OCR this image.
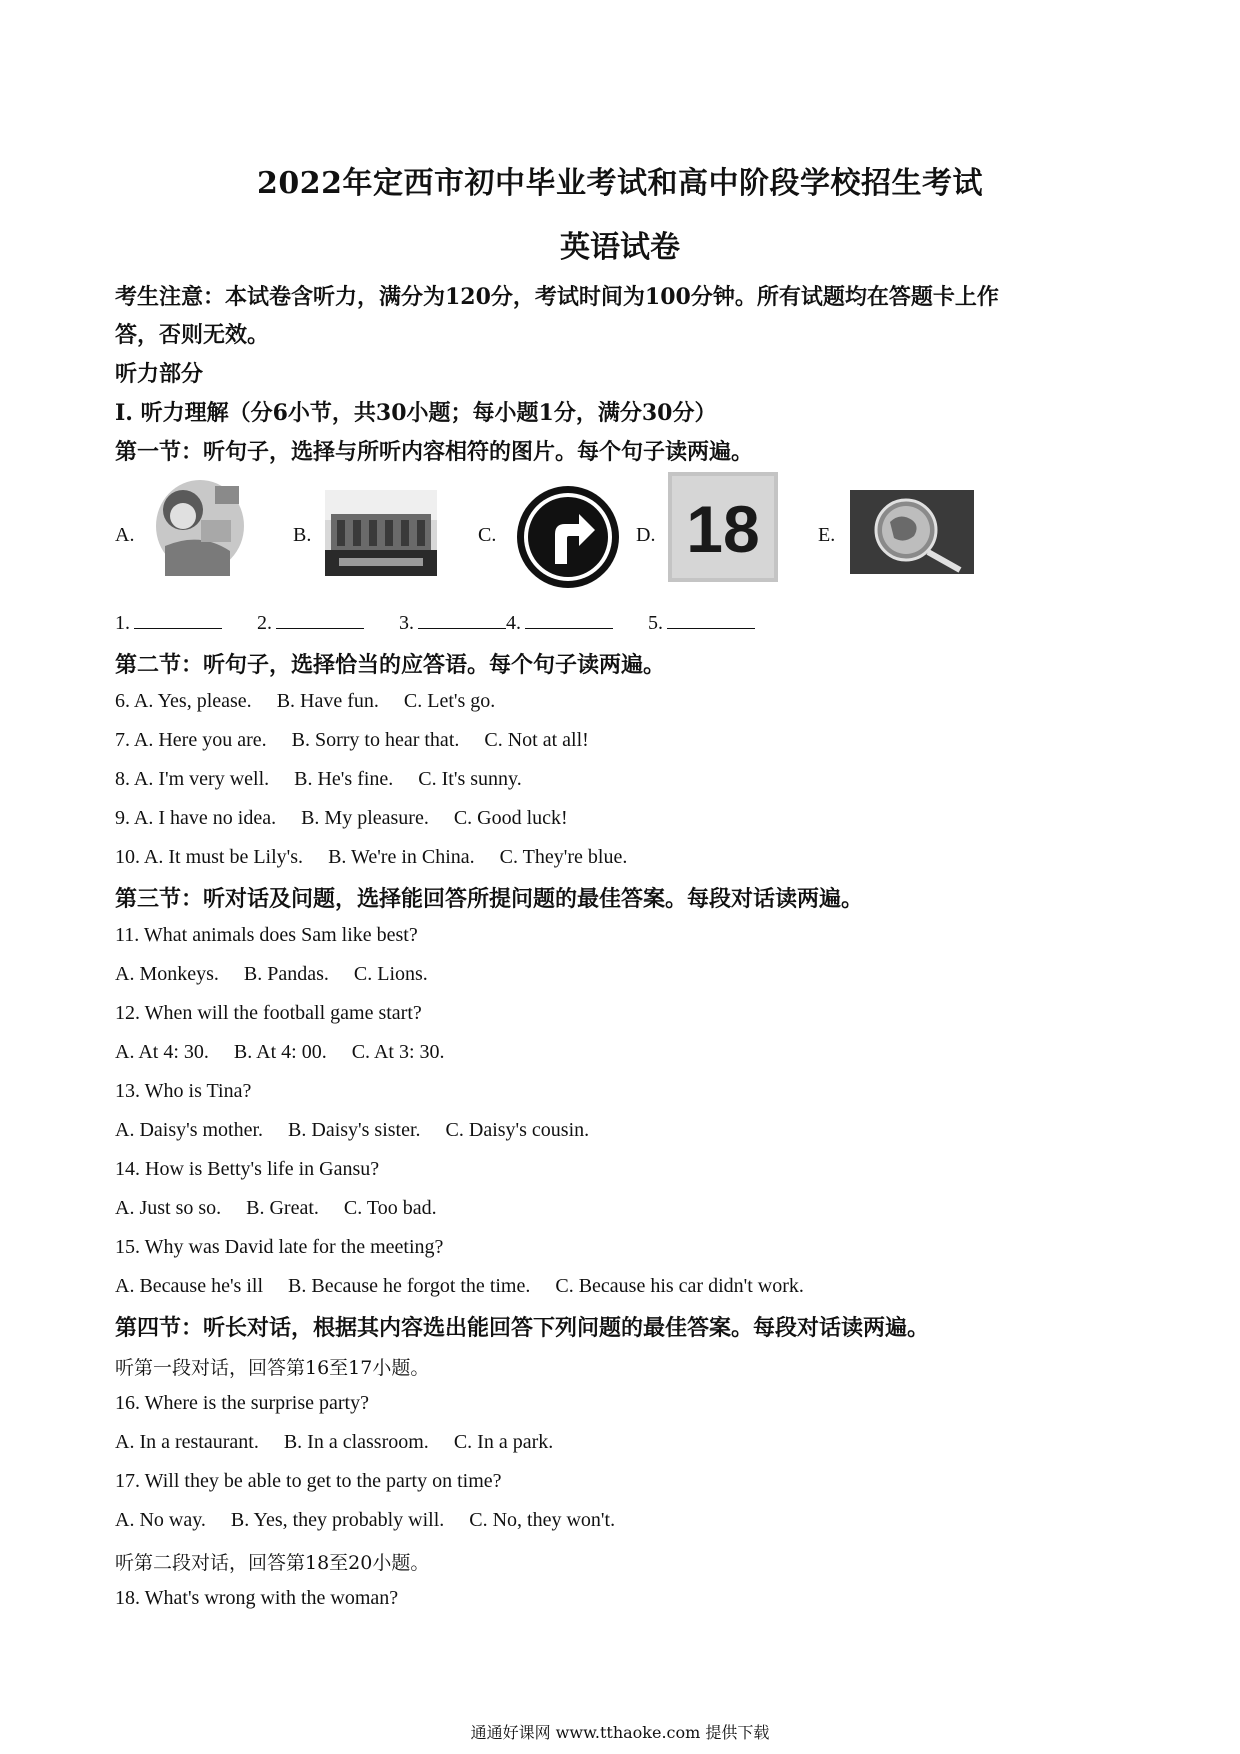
2022年定西市初中毕业考试和高中阶段学校招生考试
英语试卷
考生注意：本试卷含听力，满分为120分，考试时间为100分钟。所有试题均在答题卡上作
答，否则无效。
听力部分
I. 听力理解（分6小节，共30小题；每小题1分，满分30分）
第一节：听句子，选择与所听内容相符的图片。每个句子读两遍。
A.	B.	C.	D. 18	E.
1.	2.	3.	4.	5.
第二节：听句子，选择恰当的应答语。每个句子读两遍。
6. A. Yes, please. B. Have fun. C. Let's go.
7. A. Here you are. B. Sorry to hear that. C. Not at all!
8. A. I'm very well. B. He's fine. C. It's sunny.
9. A. I have no idea. B. My pleasure. C. Good luck!
10. A. It must be Lily's. B. We're in China. C. They're blue.
第三节：听对话及问题，选择能回答所提问题的最佳答案。每段对话读两遍。
11. What animals does Sam like best?
A. Monkeys. B. Pandas. C. Lions.
12. When will the football game start?
A. At 4: 30. B. At 4: 00. C. At 3: 30.
13. Who is Tina?
A. Daisy's mother. B. Daisy's sister. C. Daisy's cousin.
14. How is Betty's life in Gansu?
A. Just so so. B. Great. C. Too bad.
15. Why was David late for the meeting?
A. Because he's ill B. Because he forgot the time. C. Because his car didn't work.
第四节：听长对话，根据其内容选出能回答下列问题的最佳答案。每段对话读两遍。
听第一段对话，回答第16至17小题。
16. Where is the surprise party?
A. In a restaurant. B. In a classroom. C. In a park.
17. Will they be able to get to the party on time?
A. No way. B. Yes, they probably will. C. No, they won't.
听第二段对话，回答第18至20小题。
18. What's wrong with the woman?
通通好课网 www.tthaoke.com 提供下载
